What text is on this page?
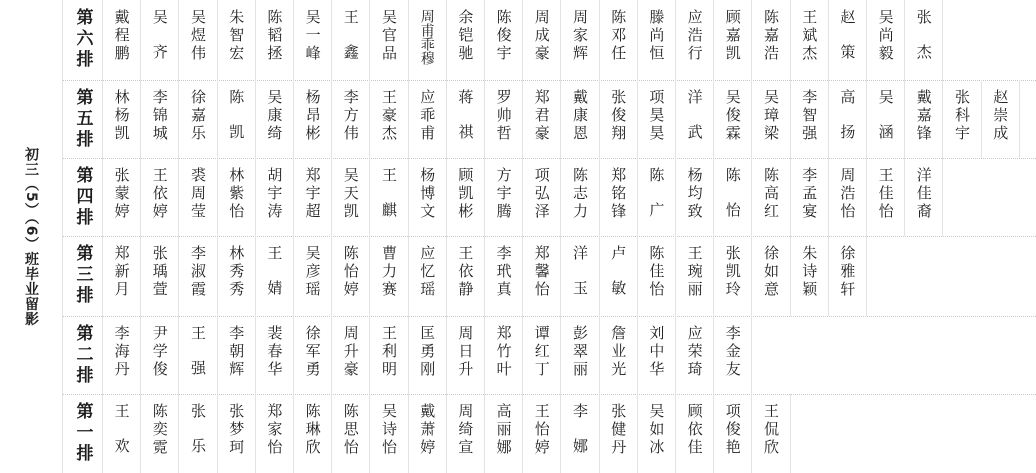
初三（5）（6）班毕业留影
第六排 戴程鹏 吴齐 吴煜伟 朱智宏 陈韬拯 吴一峰 王鑫 吴官品 周甫乖穆 余铠驰 陈俊宇 周成豪 周家辉 陈邓任 滕尚恒 应浩行 顾嘉凯 陈嘉浩 王斌杰 赵策 吴尚毅 张杰
第五排 林杨凯 李锦城 徐嘉乐 陈凯 吴康绮 杨昂彬 李方伟 王豪杰 应乖甫 蒋祺 罗帅哲 郑君豪 戴康恩 张俊翔 项昊昊 洋武 吴俊霖 吴璋梁 李智强 高扬 吴涵 戴嘉锋 张科宇 赵崇成
第四排 张蒙婷 王依婷 裘周莹 林紫怡 胡宇涛 郑宇超 吴天凯 王麒 杨博文 顾凯彬 方宇腾 项弘泽 陈志力 郑铭锋 陈广 杨均致 陈怡 陈高红 李孟宴 周浩怡 王佳怡 洋佳裔
第三排 郑新月 张瑀萱 李淑霞 林秀秀 王婧 吴彦瑶 陈怡婷 曹力赛 应忆瑶 王依静 李玳真 郑馨怡 洋玉 卢敏 陈佳怡 王琬丽 张凯玲 徐如意 朱诗颖 徐雅轩
第二排 李海丹 尹学俊 王强 李朝辉 裴春华 徐军勇 周升豪 王利明 匡勇刚 周日升 郑竹叶 谭红丁 彭翠丽 詹业光 刘中华 应荣琦 李金友
第一排 王欢 陈奕霓 张乐 张梦珂 郑家怡 陈琳欣 陈思怡 吴诗怡 戴萧婷 周绮宣 高丽娜 王怡婷 李娜 张健丹 吴如冰 顾依佳 项俊艳 王侃欣
